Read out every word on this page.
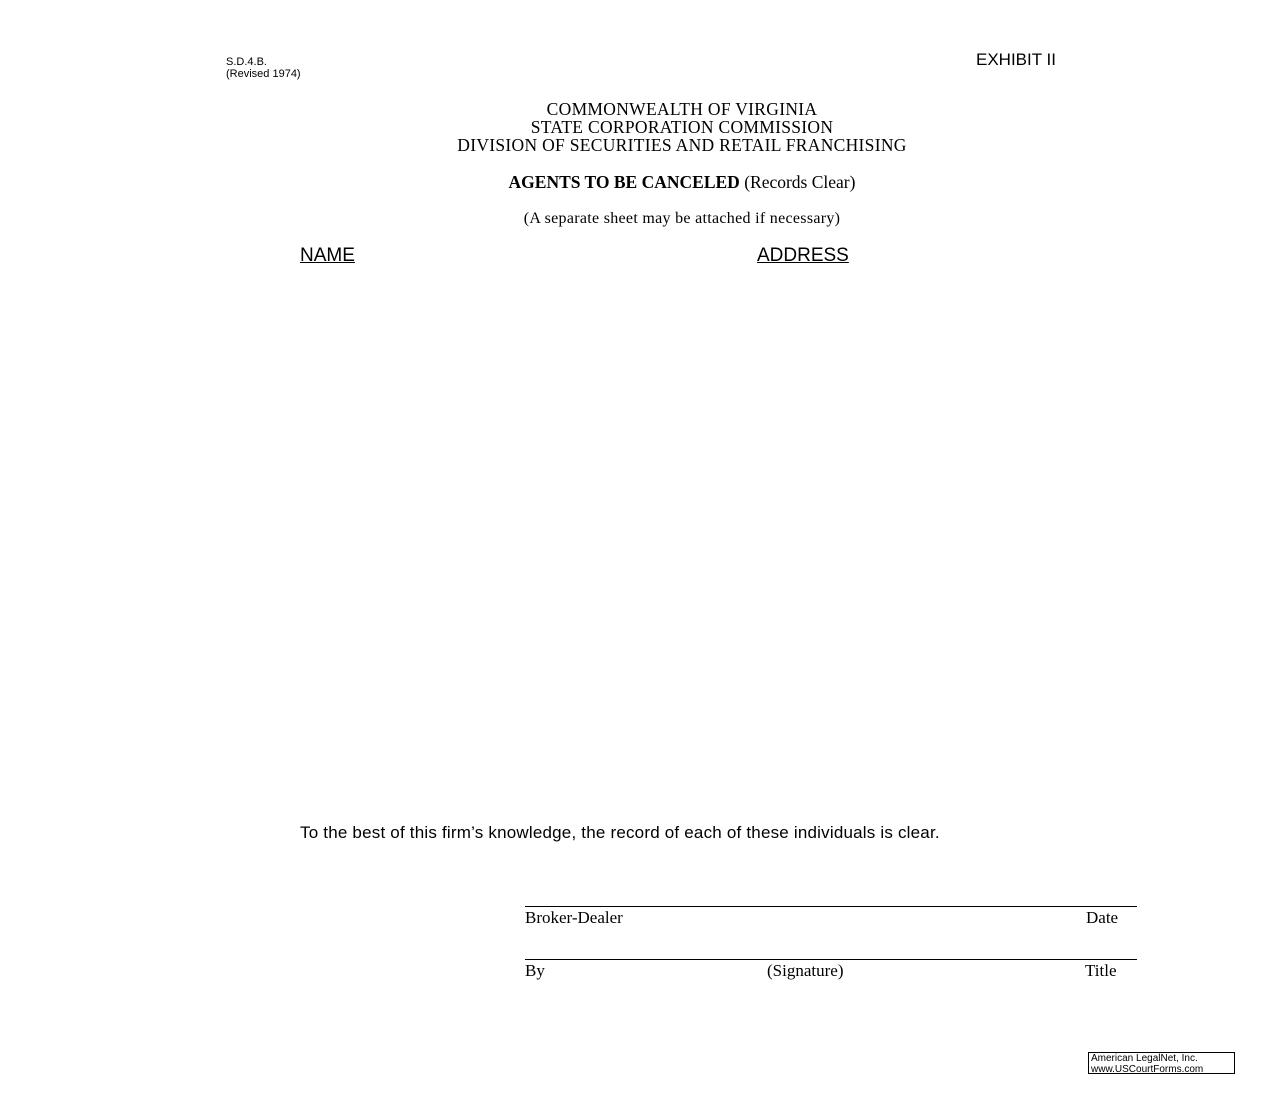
S.D.4.B.
(Revised 1974)
EXHIBIT II
COMMONWEALTH OF VIRGINIA
STATE CORPORATION COMMISSION
DIVISION OF SECURITIES AND RETAIL FRANCHISING
AGENTS TO BE CANCELED (Records Clear)
(A separate sheet may be attached if necessary)
NAME	ADDRESS
To the best of this firm’s knowledge, the record of each of these individuals is clear.
Broker-Dealer	Date
By	(Signature)	Title
American LegalNet, Inc.
www.USCourtForms.com
